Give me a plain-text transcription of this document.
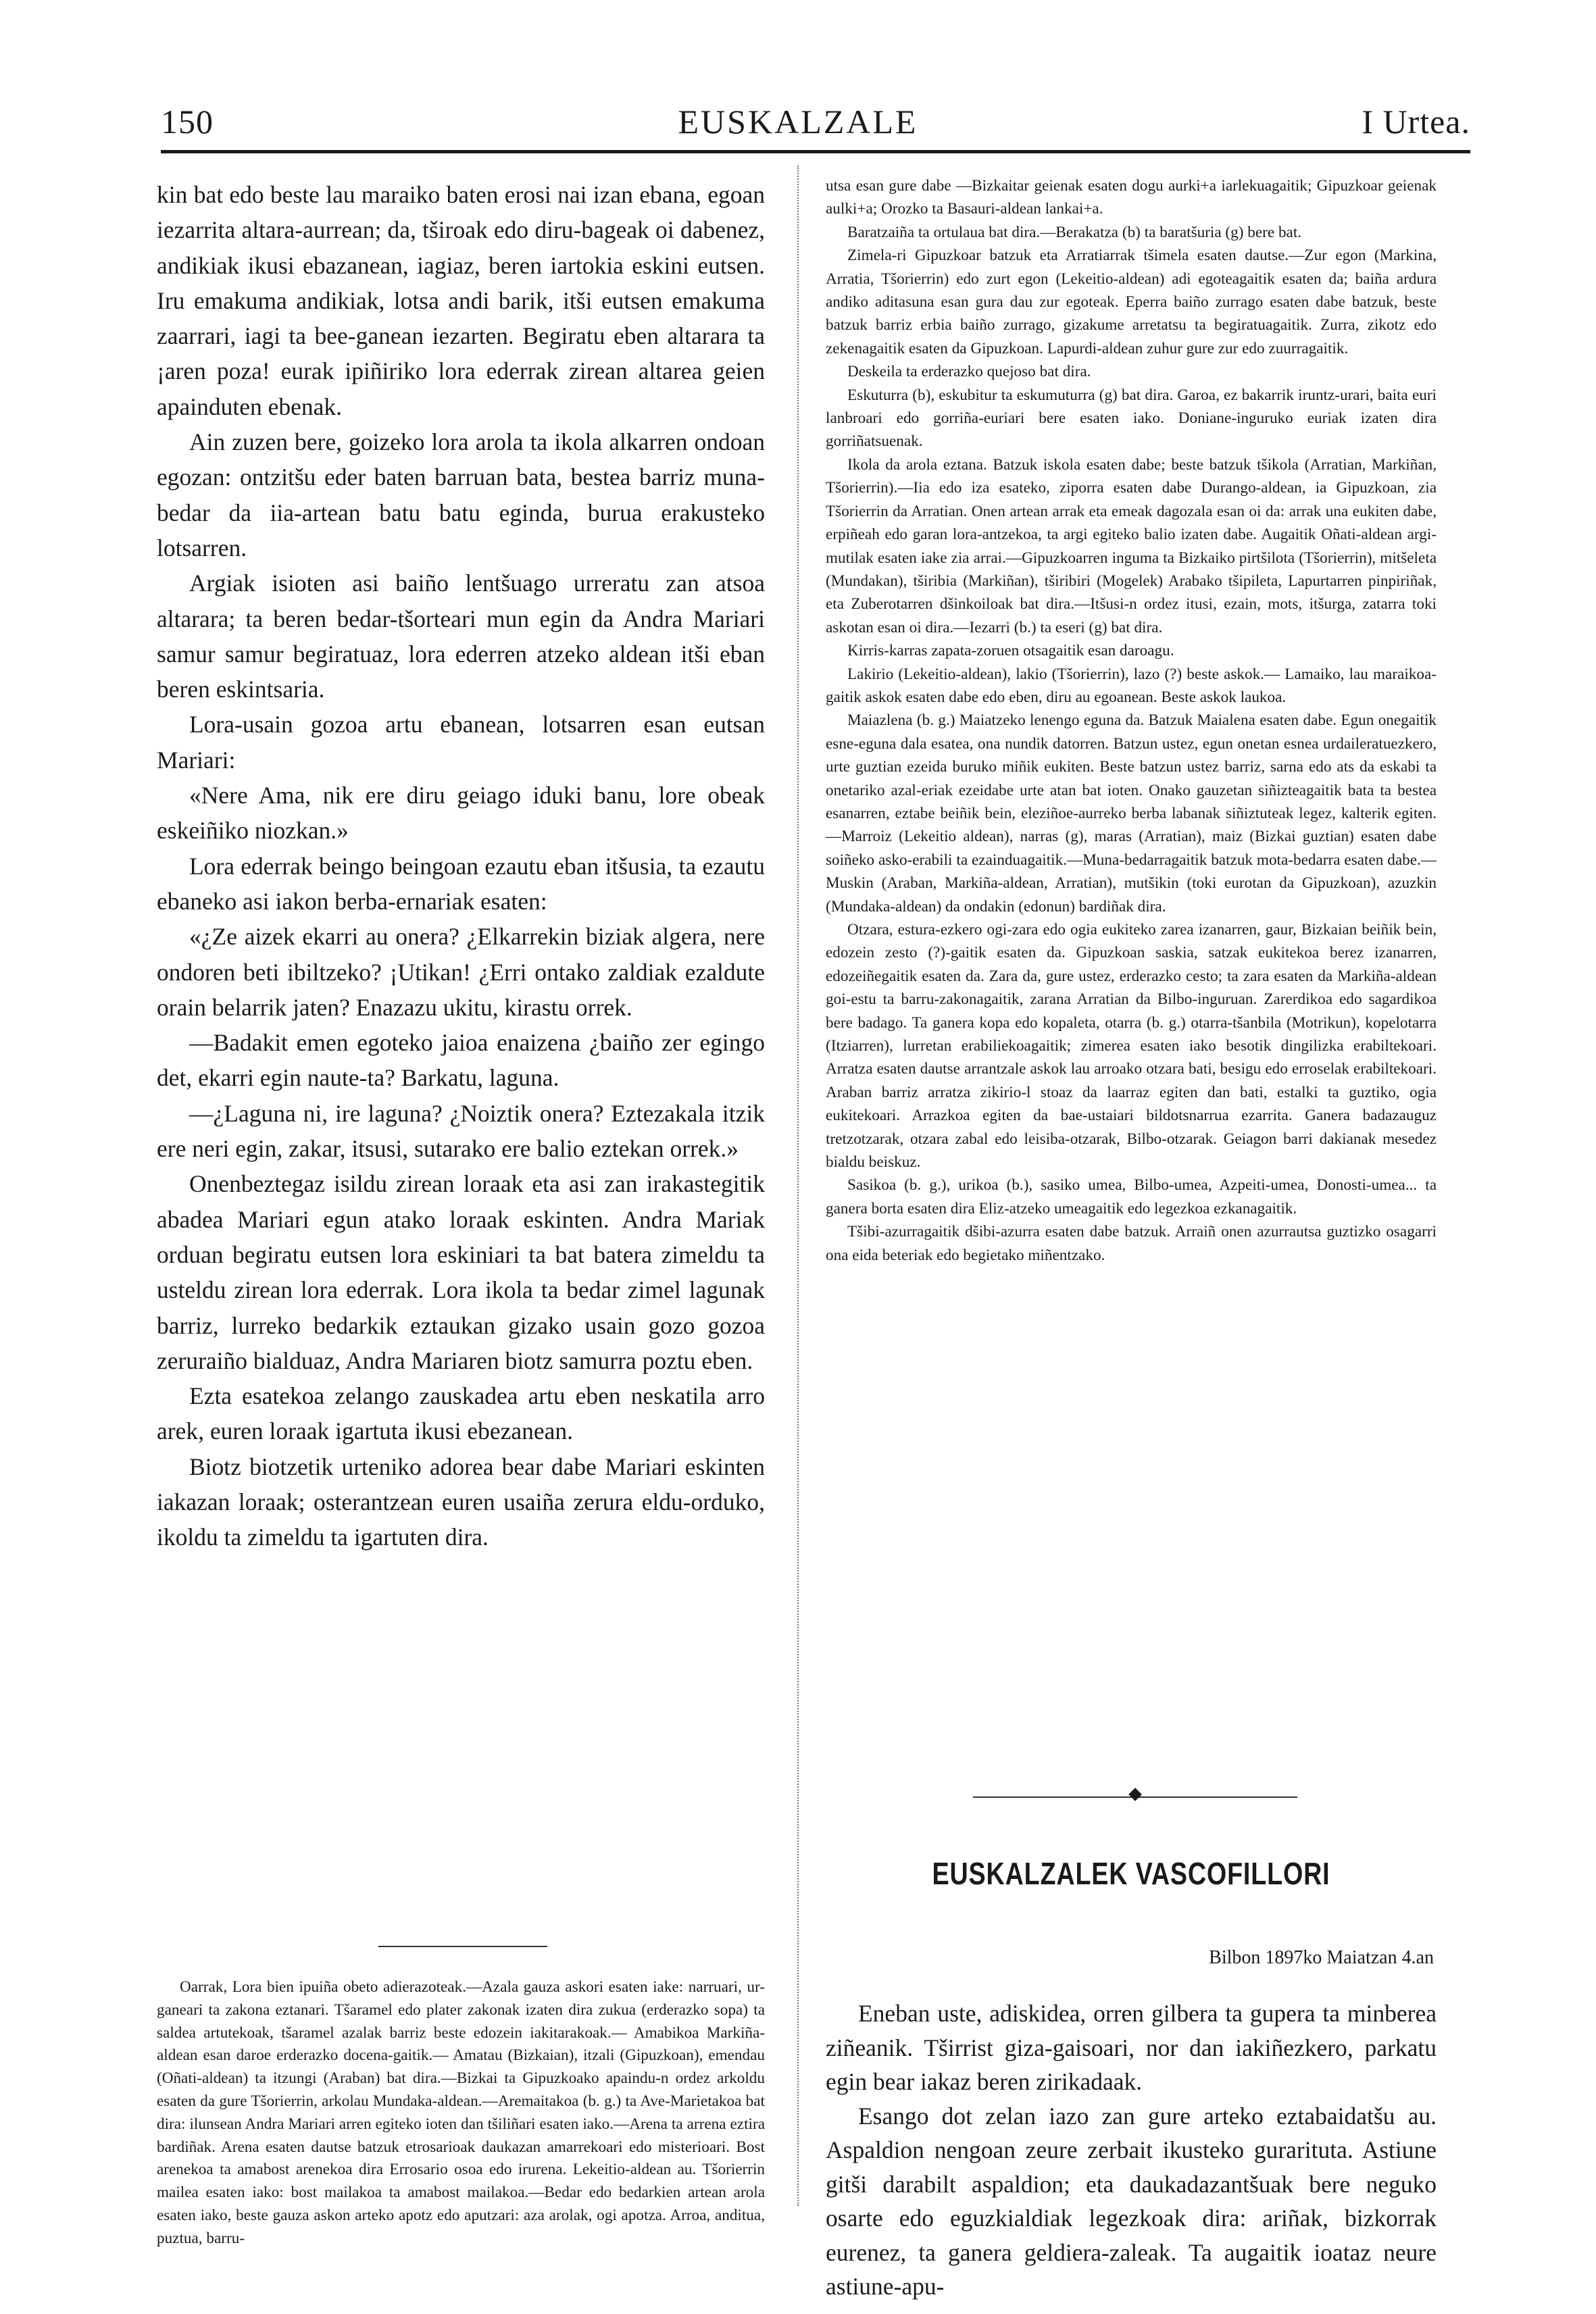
150	EUSKALZALE	I Urtea.

kin bat edo beste lau maraiko baten erosi nai izan ebana, egoan iezarrita altara-aurrean; da, tširoak edo diru-bageak oi dabenez, andikiak ikusi ebazanean, iagiaz, beren iartokia eskini eutsen. Iru emakuma andikiak, lotsa andi barik, itši eutsen emakuma zaarrari, iagi ta bee-ganean iezarten. Begiratu eben altarara ta ¡aren poza! eurak ipiñiriko lora ederrak zirean altarea geien apainduten ebenak.

Ain zuzen bere, goizeko lora arola ta ikola alkarren ondoan egozan: ontzitšu eder baten barruan bata, bestea barriz muna-bedar da iia-artean batu batu eginda, burua erakusteko lotsarren.

Argiak isioten asi baiño lentšuago urreratu zan atsoa altarara; ta beren bedar-tšorteari mun egin da Andra Mariari samur samur begiratuaz, lora ederren atzeko aldean itši eban beren eskintsaria.

Lora-usain gozoa artu ebanean, lotsarren esan eutsan Mariari:

«Nere Ama, nik ere diru geiago iduki banu, lore obeak eskeiñiko niozkan.»

Lora ederrak beingo beingoan ezautu eban itšusia, ta ezautu ebaneko asi iakon berba-ernariak esaten:

«¿Ze aizek ekarri au onera? ¿Elkarrekin biziak algera, nere ondoren beti ibiltzeko? ¡Utikan! ¿Erri ontako zaldiak ezaldute orain belarrik jaten? Enazazu ukitu, kirastu orrek.

—Badakit emen egoteko jaioa enaizena ¿baiño zer egingo det, ekarri egin naute-ta? Barkatu, laguna.

—¿Laguna ni, ire laguna? ¿Noiztik onera? Eztezakala itzik ere neri egin, zakar, itsusi, sutarako ere balio eztekan orrek.»

Onenbeztegaz isildu zirean loraak eta asi zan irakastegitik abadea Mariari egun atako loraak eskinten. Andra Mariak orduan begiratu eutsen lora eskiniari ta bat batera zimeldu ta usteldu zirean lora ederrak. Lora ikola ta bedar zimel lagunak barriz, lurreko bedarkik eztaukan gizako usain gozo gozoa zeruraiño bialduaz, Andra Mariaren biotz samurra poztu eben.

Ezta esatekoa zelango zauskadea artu eben neskatila arro arek, euren loraak igartuta ikusi ebezanean.

Biotz biotzetik urteniko adorea bear dabe Mariari eskinten iakazan loraak; osterantzean euren usaiña zerura eldu-orduko, ikoldu ta zimeldu ta igartuten dira.

Oarrak, Lora bien ipuiña obeto adierazoteak.—Azala gauza askori esaten iake: narruari, ur-ganeari ta zakona eztanari. Tšaramel edo plater zakonak izaten dira zukua (erderazko sopa) ta saldea artutekoak, tšaramel azalak barriz beste edozein iakitarakoak.— Amabikoa Markiña-aldean esan daroe erderazko docena-gaitik.— Amatau (Bizkaian), itzali (Gipuzkoan), emendau (Oñati-aldean) ta itzungi (Araban) bat dira.—Bizkai ta Gipuzkoako apaindu-n ordez arkoldu esaten da gure Tšorierrin, arkolau Mundaka-aldean.—Aremaitakoa (b. g.) ta Ave-Marietakoa bat dira: ilunsean Andra Mariari arren egiteko ioten dan tšiliñari esaten iako.—Arena ta arrena eztira bardiñak. Arena esaten dautse batzuk etrosarioak daukazan amarrekoari edo misterioari. Bost arenekoa ta amabost arenekoa dira Errosario osoa edo irurena. Lekeitio-aldean au. Tšorierrin mailea esaten iako: bost mailakoa ta amabost mailakoa.—Bedar edo bedarkien artean arola esaten iako, beste gauza askon arteko apotz edo aputzari: aza arolak, ogi apotza. Arroa, anditua, puztua, barru-

utsa esan gure dabe —Bizkaitar geienak esaten dogu aurki+a iarlekuagaitik; Gipuzkoar geienak aulki+a; Orozko ta Basauri-aldean lankai+a.

Baratzaiña ta ortulaua bat dira.—Berakatza (b) ta baratšuria (g) bere bat.

Zimela-ri Gipuzkoar batzuk eta Arratiarrak tšimela esaten dautse.—Zur egon (Markina, Arratia, Tšorierrin) edo zurt egon (Lekeitio-aldean) adi egoteagaitik esaten da; baiña ardura andiko aditasuna esan gura dau zur egoteak. Eperra baiño zurrago esaten dabe batzuk, beste batzuk barriz erbia baiño zurrago, gizakume arretatsu ta begiratuagaitik. Zurra, zikotz edo zekenagaitik esaten da Gipuzkoan. Lapurdi-aldean zuhur gure zur edo zuurragaitik.

Deskeila ta erderazko quejoso bat dira.

Eskuturra (b), eskubitur ta eskumuturra (g) bat dira. Garoa, ez bakarrik iruntz-urari, baita euri lanbroari edo gorriña-euriari bere esaten iako. Doniane-inguruko euriak izaten dira gorriñatsuenak.

Ikola da arola eztana. Batzuk iskola esaten dabe; beste batzuk tšikola (Arratian, Markiñan, Tšorierrin).—Iia edo iza esateko, ziporra esaten dabe Durango-aldean, ia Gipuzkoan, zia Tšorierrin da Arratian. Onen artean arrak eta emeak dagozala esan oi da: arrak una eukiten dabe, erpiñeah edo garan lora-antzekoa, ta argi egiteko balio izaten dabe. Augaitik Oñati-aldean argi-mutilak esaten iake zia arrai.—Gipuzkoarren inguma ta Bizkaiko pirtšilota (Tšorierrin), mitšeleta (Mundakan), tširibia (Markiñan), tširibiri (Mogelek) Arabako tšipileta, Lapurtarren pinpiriñak, eta Zuberotarren dšinkoiloak bat dira.—Itšusi-n ordez itusi, ezain, mots, itšurga, zatarra toki askotan esan oi dira.—Iezarri (b.) ta eseri (g) bat dira.

Kirris-karras zapata-zoruen otsagaitik esan daroagu.

Lakirio (Lekeitio-aldean), lakio (Tšorierrin), lazo (?) beste askok.— Lamaiko, lau maraikoa-gaitik askok esaten dabe edo eben, diru au egoanean. Beste askok laukoa.

Maiazlena (b. g.) Maiatzeko lenengo eguna da. Batzuk Maialena esaten dabe. Egun onegaitik esne-eguna dala esatea, ona nundik datorren. Batzun ustez, egun onetan esnea urdaileratuezkero, urte guztian ezeida buruko miñik eukiten. Beste batzun ustez barriz, sarna edo ats da eskabi ta onetariko azal-eriak ezeidabe urte atan bat ioten. Onako gauzetan siñizteagaitik bata ta bestea esanarren, eztabe beiñik bein, eleziñoe-aurreko berba labanak siñiztuteak legez, kalterik egiten.—Marroiz (Lekeitio aldean), narras (g), maras (Arratian), maiz (Bizkai guztian) esaten dabe soiñeko asko-erabili ta ezainduagaitik.—Muna-bedarragaitik batzuk mota-bedarra esaten dabe.— Muskin (Araban, Markiña-aldean, Arratian), mutšikin (toki eurotan da Gipuzkoan), azuzkin (Mundaka-aldean) da ondakin (edonun) bardiñak dira.

Otzara, estura-ezkero ogi-zara edo ogia eukiteko zarea izanarren, gaur, Bizkaian beiñik bein, edozein zesto (?)-gaitik esaten da. Gipuzkoan saskia, satzak eukitekoa berez izanarren, edozeiñegaitik esaten da. Zara da, gure ustez, erderazko cesto; ta zara esaten da Markiña-aldean goi-estu ta barru-zakonagaitik, zarana Arratian da Bilbo-inguruan. Zarerdikoa edo sagardikoa bere badago. Ta ganera kopa edo kopaleta, otarra (b. g.) otarra-tšanbila (Motrikun), kopelotarra (Itziarren), lurretan erabiliekoagaitik; zimerea esaten iako besotik dingilizka erabiltekoari. Arratza esaten dautse arrantzale askok lau arroako otzara bati, besigu edo erroselak erabiltekoari. Araban barriz arratza zikirio-l stoaz da laarraz egiten dan bati, estalki ta guztiko, ogia eukitekoari. Arrazkoa egiten da bae-ustaiari bildotsnarrua ezarrita. Ganera badazauguz tretzotzarak, otzara zabal edo leisiba-otzarak, Bilbo-otzarak. Geiagon barri dakianak mesedez bialdu beiskuz.

Sasikoa (b. g.), urikoa (b.), sasiko umea, Bilbo-umea, Azpeiti-umea, Donosti-umea... ta ganera borta esaten dira Eliz-atzeko umeagaitik edo legezkoa ezkanagaitik.

Tšibi-azurragaitik dšibi-azurra esaten dabe batzuk. Arraiñ onen azurrautsa guztizko osagarri ona eida beteriak edo begietako miñentzako.

EUSKALZALEK VASCOFILLORI
Bilbon 1897ko Maiatzan 4.an

Eneban uste, adiskidea, orren gilbera ta gupera ta minberea ziñeanik. Tširrist giza-gaisoari, nor dan iakiñezkero, parkatu egin bear iakaz beren zirikadaak.

Esango dot zelan iazo zan gure arteko eztabaidatšu au. Aspaldion nengoan zeure zerbait ikusteko gurarituta. Astiune gitši darabilt aspaldion; eta daukadazantšuak bere neguko osarte edo eguzkialdiak legezkoak dira: ariñak, bizkorrak eurenez, ta ganera geldiera-zaleak. Ta augaitik ioataz neure astiune-apu-
